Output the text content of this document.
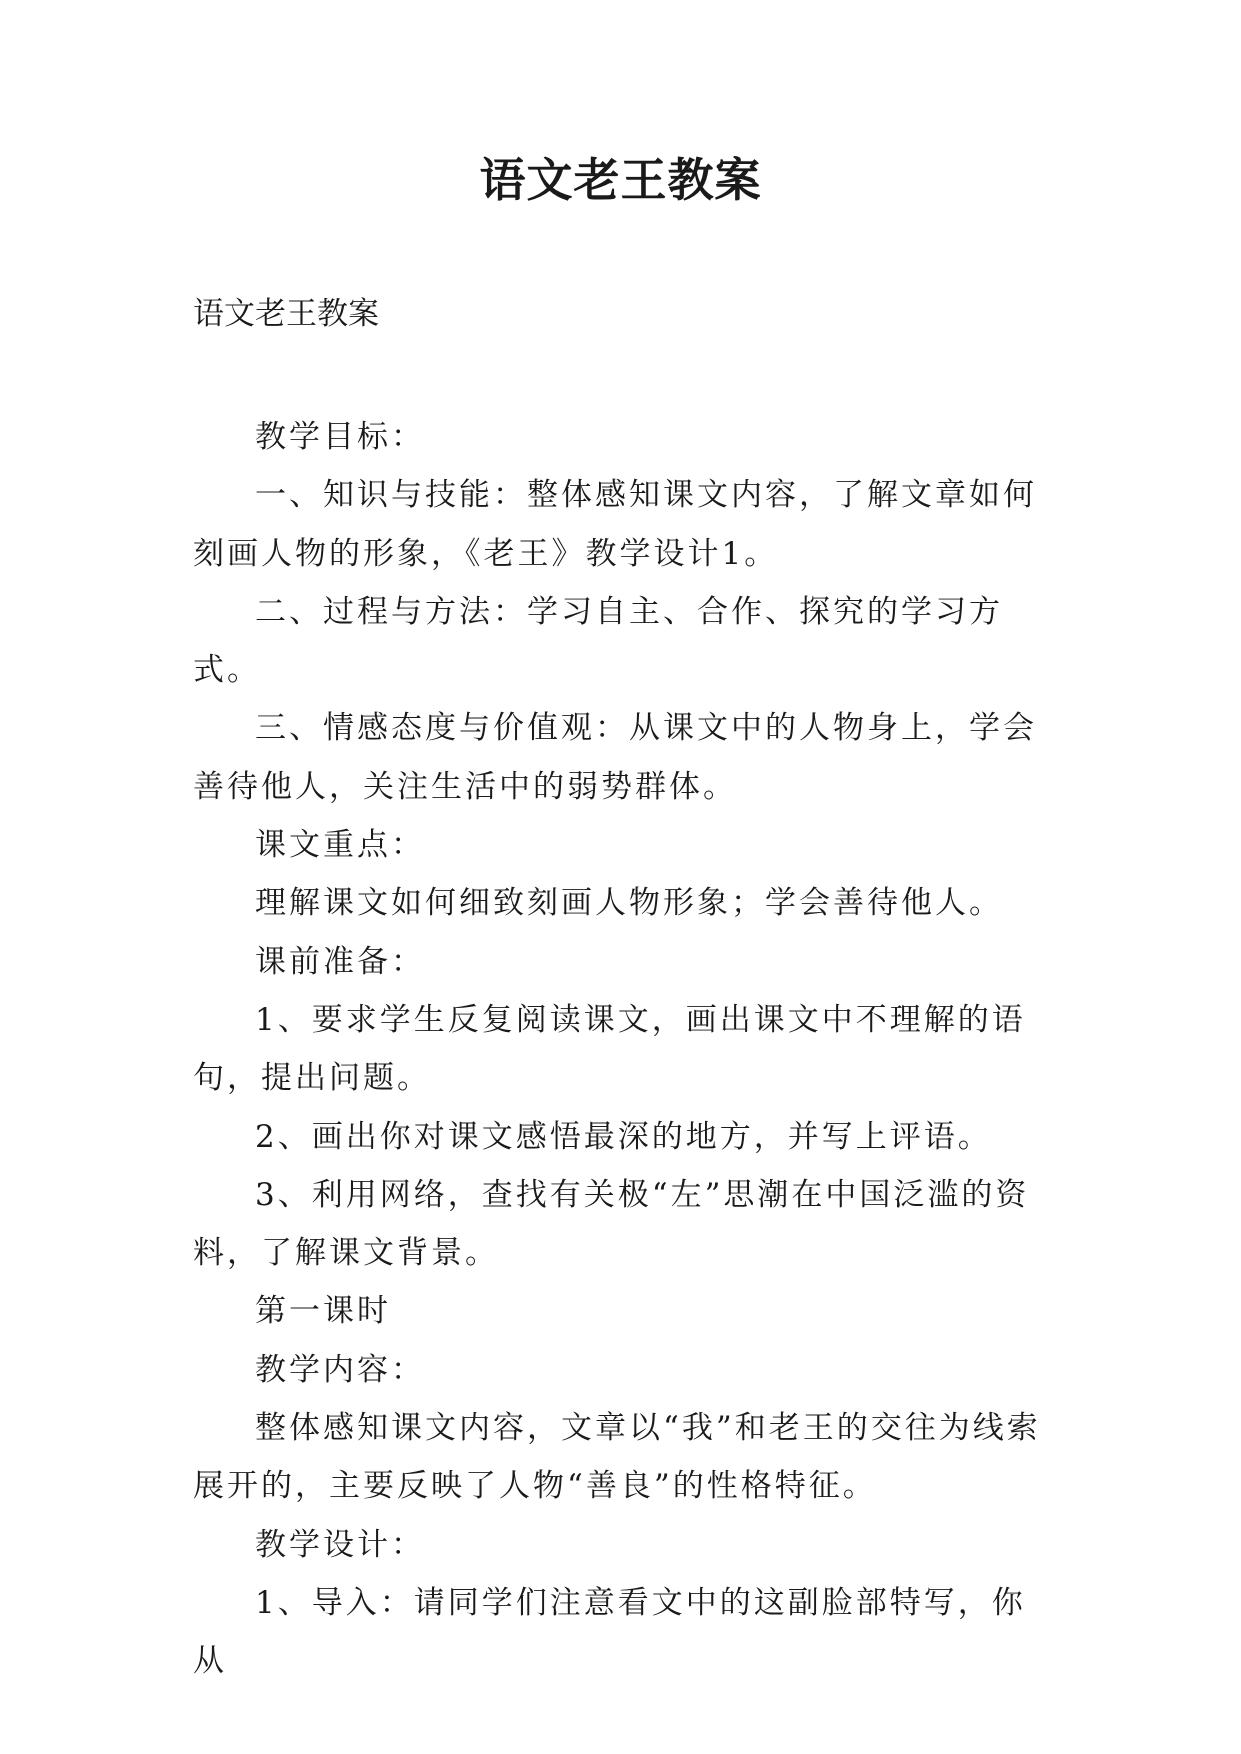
语文老王教案
语文老王教案

教学目标：

一、知识与技能：整体感知课文内容，了解文章如何刻画人物的形象，《老王》教学设计1。

二、过程与方法：学习自主、合作、探究的学习方式。

三、情感态度与价值观：从课文中的人物身上，学会善待他人，关注生活中的弱势群体。

课文重点：

理解课文如何细致刻画人物形象；学会善待他人。

课前准备：

1、要求学生反复阅读课文，画出课文中不理解的语句，提出问题。

2、画出你对课文感悟最深的地方，并写上评语。

3、利用网络，查找有关极“左”思潮在中国泛滥的资料，了解课文背景。

第一课时

教学内容：

整体感知课文内容，文章以“我”和老王的交往为线索展开的，主要反映了人物“善良”的性格特征。

教学设计：

1、导入：请同学们注意看文中的这副脸部特写，你从
